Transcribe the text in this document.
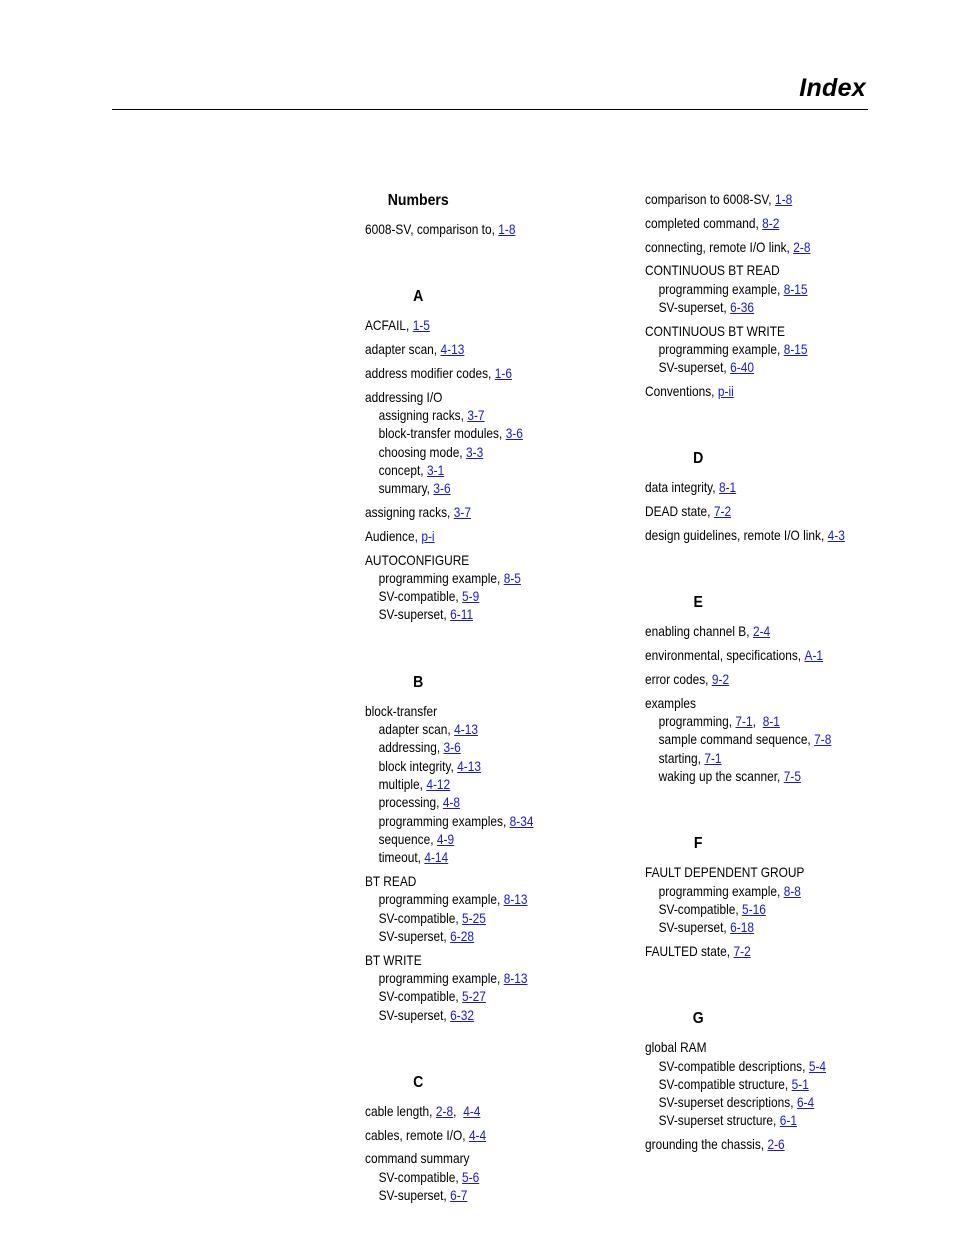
Index
Numbers
6008-SV, comparison to, 1-8
A
ACFAIL, 1-5
adapter scan, 4-13
address modifier codes, 1-6
addressing I/O
assigning racks, 3-7
block-transfer modules, 3-6
choosing mode, 3-3
concept, 3-1
summary, 3-6
assigning racks, 3-7
Audience, p-i
AUTOCONFIGURE
programming example, 8-5
SV-compatible, 5-9
SV-superset, 6-11
B
block-transfer
adapter scan, 4-13
addressing, 3-6
block integrity, 4-13
multiple, 4-12
processing, 4-8
programming examples, 8-34
sequence, 4-9
timeout, 4-14
BT READ
programming example, 8-13
SV-compatible, 5-25
SV-superset, 6-28
BT WRITE
programming example, 8-13
SV-compatible, 5-27
SV-superset, 6-32
C
cable length, 2-8, 4-4
cables, remote I/O, 4-4
command summary
SV-compatible, 5-6
SV-superset, 6-7
comparison to 6008-SV, 1-8
completed command, 8-2
connecting, remote I/O link, 2-8
CONTINUOUS BT READ
programming example, 8-15
SV-superset, 6-36
CONTINUOUS BT WRITE
programming example, 8-15
SV-superset, 6-40
Conventions, p-ii
D
data integrity, 8-1
DEAD state, 7-2
design guidelines, remote I/O link, 4-3
E
enabling channel B, 2-4
environmental, specifications, A-1
error codes, 9-2
examples
programming, 7-1, 8-1
sample command sequence, 7-8
starting, 7-1
waking up the scanner, 7-5
F
FAULT DEPENDENT GROUP
programming example, 8-8
SV-compatible, 5-16
SV-superset, 6-18
FAULTED state, 7-2
G
global RAM
SV-compatible descriptions, 5-4
SV-compatible structure, 5-1
SV-superset descriptions, 6-4
SV-superset structure, 6-1
grounding the chassis, 2-6
